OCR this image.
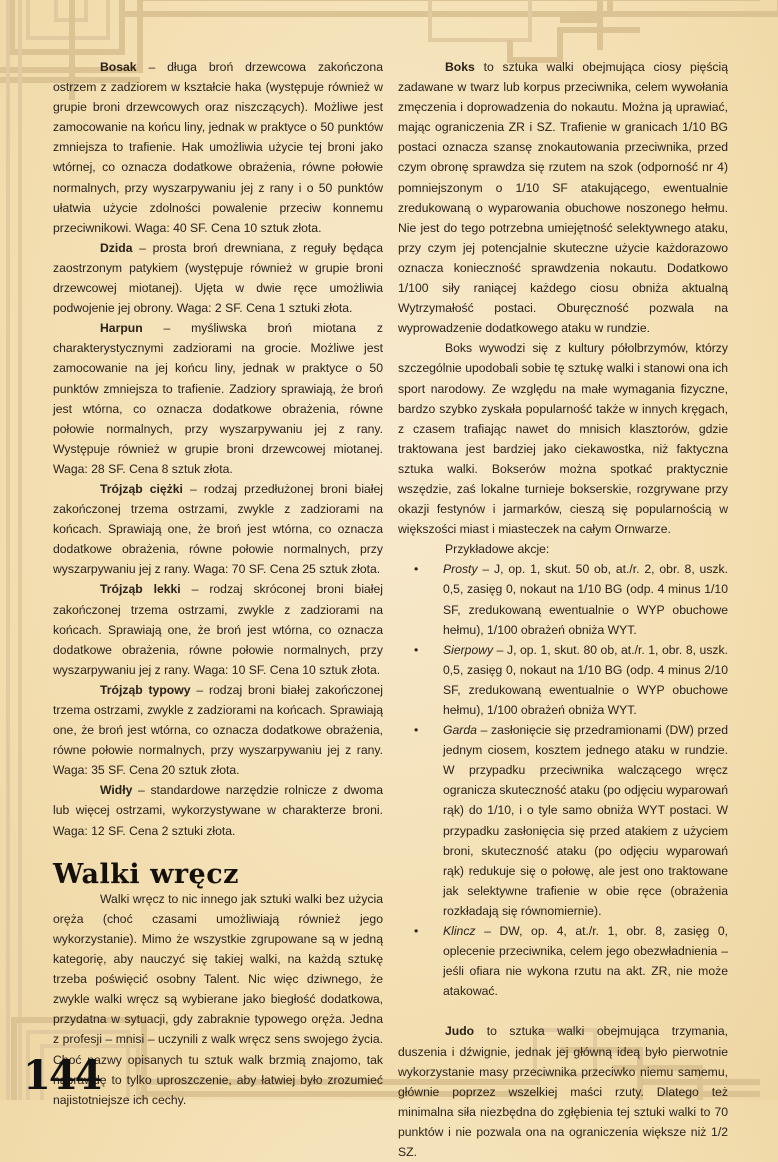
Bosak – długa broń drzewcowa zakończona ostrzem z zadziorem w kształcie haka (występuje również w grupie broni drzewcowych oraz niszczących). Możliwe jest zamocowanie na końcu liny, jednak w praktyce o 50 punktów zmniejsza to trafienie. Hak umożliwia użycie tej broni jako wtórnej, co oznacza dodatkowe obrażenia, równe połowie normalnych, przy wyszarpywaniu jej z rany i o 50 punktów ułatwia użycie zdolności powalenie przeciw konnemu przeciwnikowi. Waga: 40 SF. Cena 10 sztuk złota.

Dzida – prosta broń drewniana, z reguły będąca zaostrzonym patykiem (występuje również w grupie broni drzewcowej miotanej). Ujęta w dwie ręce umożliwia podwojenie jej obrony. Waga: 2 SF. Cena 1 sztuki złota.

Harpun – myśliwska broń miotana z charakterystycznymi zadziorami na grocie. Możliwe jest zamocowanie na jej końcu liny, jednak w praktyce o 50 punktów zmniejsza to trafienie. Zadziory sprawiają, że broń jest wtórna, co oznacza dodatkowe obrażenia, równe połowie normalnych, przy wyszarpywaniu jej z rany. Występuje również w grupie broni drzewcowej miotanej. Waga: 28 SF. Cena 8 sztuk złota.

Trójząb ciężki – rodzaj przedłużonej broni białej zakończonej trzema ostrzami, zwykle z zadziorami na końcach. Sprawiają one, że broń jest wtórna, co oznacza dodatkowe obrażenia, równe połowie normalnych, przy wyszarpywaniu jej z rany. Waga: 70 SF. Cena 25 sztuk złota.

Trójząb lekki – rodzaj skróconej broni białej zakończonej trzema ostrzami, zwykle z zadziorami na końcach. Sprawiają one, że broń jest wtórna, co oznacza dodatkowe obrażenia, równe połowie normalnych, przy wyszarpywaniu jej z rany. Waga: 10 SF. Cena 10 sztuk złota.

Trójząb typowy – rodzaj broni białej zakończonej trzema ostrzami, zwykle z zadziorami na końcach. Sprawiają one, że broń jest wtórna, co oznacza dodatkowe obrażenia, równe połowie normalnych, przy wyszarpywaniu jej z rany. Waga: 35 SF. Cena 20 sztuk złota.

Widły – standardowe narzędzie rolnicze z dwoma lub więcej ostrzami, wykorzystywane w charakterze broni. Waga: 12 SF. Cena 2 sztuki złota.

Walki wręcz

Walki wręcz to nic innego jak sztuki walki bez użycia oręża (choć czasami umożliwiają również jego wykorzystanie). Mimo że wszystkie zgrupowane są w jedną kategorię, aby nauczyć się takiej walki, na każdą sztukę trzeba poświęcić osobny Talent. Nic więc dziwnego, że zwykle walki wręcz są wybierane jako biegłość dodatkowa, przydatna w sytuacji, gdy zabraknie typowego oręża. Jedna z profesji – mnisi – uczynili z walk wręcz sens swojego życia. Choć nazwy opisanych tu sztuk walk brzmią znajomo, tak naprawdę to tylko uproszczenie, aby łatwiej było zrozumieć najistotniejsze ich cechy.

Boks to sztuka walki obejmująca ciosy pięścią zadawane w twarz lub korpus przeciwnika, celem wywołania zmęczenia i doprowadzenia do nokautu. Można ją uprawiać, mając ograniczenia ZR i SZ. Trafienie w granicach 1/10 BG postaci oznacza szansę znokautowania przeciwnika, przed czym obronę sprawdza się rzutem na szok (odporność nr 4) pomniejszonym o 1/10 SF atakującego, ewentualnie zredukowaną o wyparowania obuchowe noszonego hełmu. Nie jest do tego potrzebna umiejętność selektywnego ataku, przy czym jej potencjalnie skuteczne użycie każdorazowo oznacza konieczność sprawdzenia nokautu. Dodatkowo 1/100 siły raniącej każdego ciosu obniża aktualną Wytrzymałość postaci. Oburęczność pozwala na wyprowadzenie dodatkowego ataku w rundzie.

Boks wywodzi się z kultury półolbrzymów, którzy szczególnie upodobali sobie tę sztukę walki i stanowi ona ich sport narodowy. Ze względu na małe wymagania fizyczne, bardzo szybko zyskała popularność także w innych kręgach, z czasem trafiając nawet do mnisich klasztorów, gdzie traktowana jest bardziej jako ciekawostka, niż faktyczna sztuka walki. Bokserów można spotkać praktycznie wszędzie, zaś lokalne turnieje bokserskie, rozgrywane przy okazji festynów i jarmarków, cieszą się popularnością w większości miast i miasteczek na całym Ornwarze.

Przykładowe akcje:

• Prosty – J, op. 1, skut. 50 ob, at./r. 2, obr. 8, uszk. 0,5, zasięg 0, nokaut na 1/10 BG (odp. 4 minus 1/10 SF, zredukowaną ewentualnie o WYP obuchowe hełmu), 1/100 obrażeń obniża WYT.
• Sierpowy – J, op. 1, skut. 80 ob, at./r. 1, obr. 8, uszk. 0,5, zasięg 0, nokaut na 1/10 BG (odp. 4 minus 2/10 SF, zredukowaną ewentualnie o WYP obuchowe hełmu), 1/100 obrażeń obniża WYT.
• Garda – zasłonięcie się przedramionami (DW) przed jednym ciosem, kosztem jednego ataku w rundzie. W przypadku przeciwnika walczącego wręcz ogranicza skuteczność ataku (po odjęciu wyparowań rąk) do 1/10, i o tyle samo obniża WYT postaci. W przypadku zasłonięcia się przed atakiem z użyciem broni, skuteczność ataku (po odjęciu wyparowań rąk) redukuje się o połowę, ale jest ono traktowane jak selektywne trafienie w obie ręce (obrażenia rozkładają się równomiernie).
• Klincz – DW, op. 4, at./r. 1, obr. 8, zasięg 0, oplecenie przeciwnika, celem jego obezwładnienia – jeśli ofiara nie wykona rzutu na akt. ZR, nie może atakować.

Judo to sztuka walki obejmująca trzymania, duszenia i dźwignie, jednak jej główną ideą było pierwotnie wykorzystanie masy przeciwnika przeciwko niemu samemu, głównie poprzez wszelkiej maści rzuty. Dlatego też minimalna siła niezbędna do zgłębienia tej sztuki walki to 70 punktów i nie pozwala ona na ograniczenia większe niż 1/2 SZ.

144
